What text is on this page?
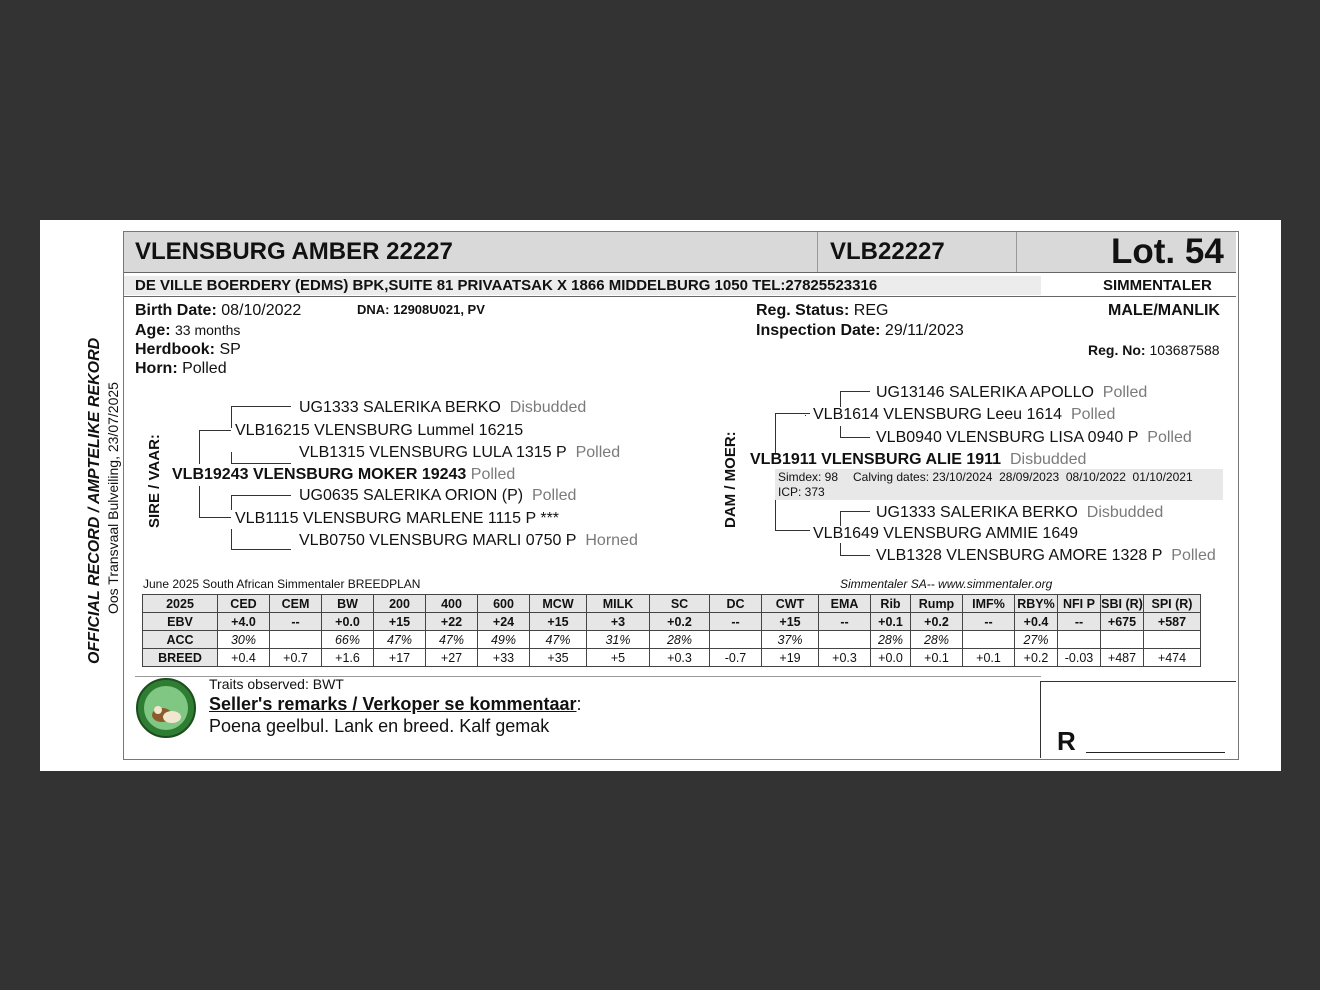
VLENSBURG AMBER 22227	VLB22227	Lot. 54
DE VILLE BOERDERY (EDMS) BPK,SUITE 81 PRIVAATSAK X 1866 MIDDELBURG 1050 TEL:27825523316	SIMMENTALER
Birth Date: 08/10/2022	DNA: 12908U021, PV
Age: 33 months
Herdbook: SP
Horn: Polled
Reg. Status: REG
Inspection Date: 29/11/2023
MALE/MANLIK
Reg. No: 103687588
OFFICIAL RECORD / AMPTELIKE REKORD Oos Transvaal Bulveiling, 23/07/2025 SIRE / VAAR:	DAM / MOER:
UG1333 SALERIKA BERKO Disbudded
VLB16215 VLENSBURG Lummel 16215
VLB1315 VLENSBURG LULA 1315 P Polled
VLB19243 VLENSBURG MOKER 19243 Polled
UG0635 SALERIKA ORION (P) Polled
VLB1115 VLENSBURG MARLENE 1115 P ***
VLB0750 VLENSBURG MARLI 0750 P Horned
UG13146 SALERIKA APOLLO Polled
VLB1614 VLENSBURG Leeu 1614 Polled
VLB0940 VLENSBURG LISA 0940 P Polled
VLB1911 VLENSBURG ALIE 1911 Disbudded
Simdex: 98
ICP: 373
Calving dates: 23/10/2024  28/09/2023  08/10/2022  01/10/2021
UG1333 SALERIKA BERKO Disbudded
VLB1649 VLENSBURG AMMIE 1649
VLB1328 VLENSBURG AMORE 1328 P Polled
June 2025 South African Simmentaler BREEDPLAN	Simmentaler SA-- www.simmentaler.org
2025	CED	CEM	BW	200	400	600	MCW	MILK	SC	DC	CWT	EMA	Rib	Rump	IMF%	RBY%	NFI P	SBI (R)	SPI (R)
EBV	+4.0	--	+0.0	+15	+22	+24	+15	+3	+0.2	--	+15	--	+0.1	+0.2	--	+0.4	--	+675	+587
ACC	30%		66%	47%	47%	49%	47%	31%	28%		37%		28%	28%		27%			
BREED	+0.4	+0.7	+1.6	+17	+27	+33	+35	+5	+0.3	-0.7	+19	+0.3	+0.0	+0.1	+0.1	+0.2	-0.03	+487	+474
Traits observed: BWT
Seller's remarks / Verkoper se kommentaar:
Poena geelbul. Lank en breed. Kalf gemak	R
